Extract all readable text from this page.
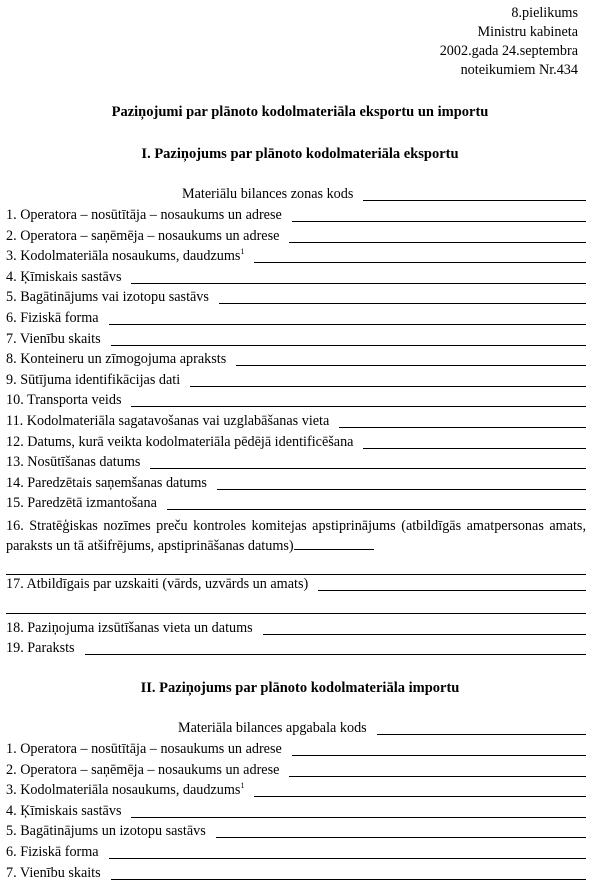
8.pielikums
Ministru kabineta
2002.gada 24.septembra
noteikumiem Nr.434
Paziņojumi par plānoto kodolmateriāla eksportu un importu
I. Paziņojums par plānoto kodolmateriāla eksportu
Materiālu bilances zonas kods
1. Operatora – nosūtītāja – nosaukums un adrese
2. Operatora – saņēmēja – nosaukums un adrese
3. Kodolmateriāla nosaukums, daudzums$^1$
4. Ķīmiskais sastāvs
5. Bagātinājums vai izotopu sastāvs
6. Fiziskā forma
7. Vienību skaits
8. Konteineru un zīmogojuma apraksts
9. Sūtījuma identifikācijas dati
10. Transporta veids
11. Kodolmateriāla sagatavošanas vai uzglabāšanas vieta
12. Datums, kurā veikta kodolmateriāla pēdējā identificēšana
13. Nosūtīšanas datums
14. Paredzētais saņemšanas datums
15. Paredzētā izmantošana
16. Stratēģiskas nozīmes preču kontroles komitejas apstiprinājums (atbildīgās amatpersonas amats, paraksts un tā atšifrējums, apstiprināšanas datums)
17. Atbildīgais par uzskaiti (vārds, uzvārds un amats)
18. Paziņojuma izsūtīšanas vieta un datums
19. Paraksts
II. Paziņojums par plānoto kodolmateriāla importu
Materiāla bilances apgabala kods
1. Operatora – nosūtītāja – nosaukums un adrese
2. Operatora – saņēmēja – nosaukums un adrese
3. Kodolmateriāla nosaukums, daudzums$^1$
4. Ķīmiskais sastāvs
5. Bagātinājums un izotopu sastāvs
6. Fiziskā forma
7. Vienību skaits
